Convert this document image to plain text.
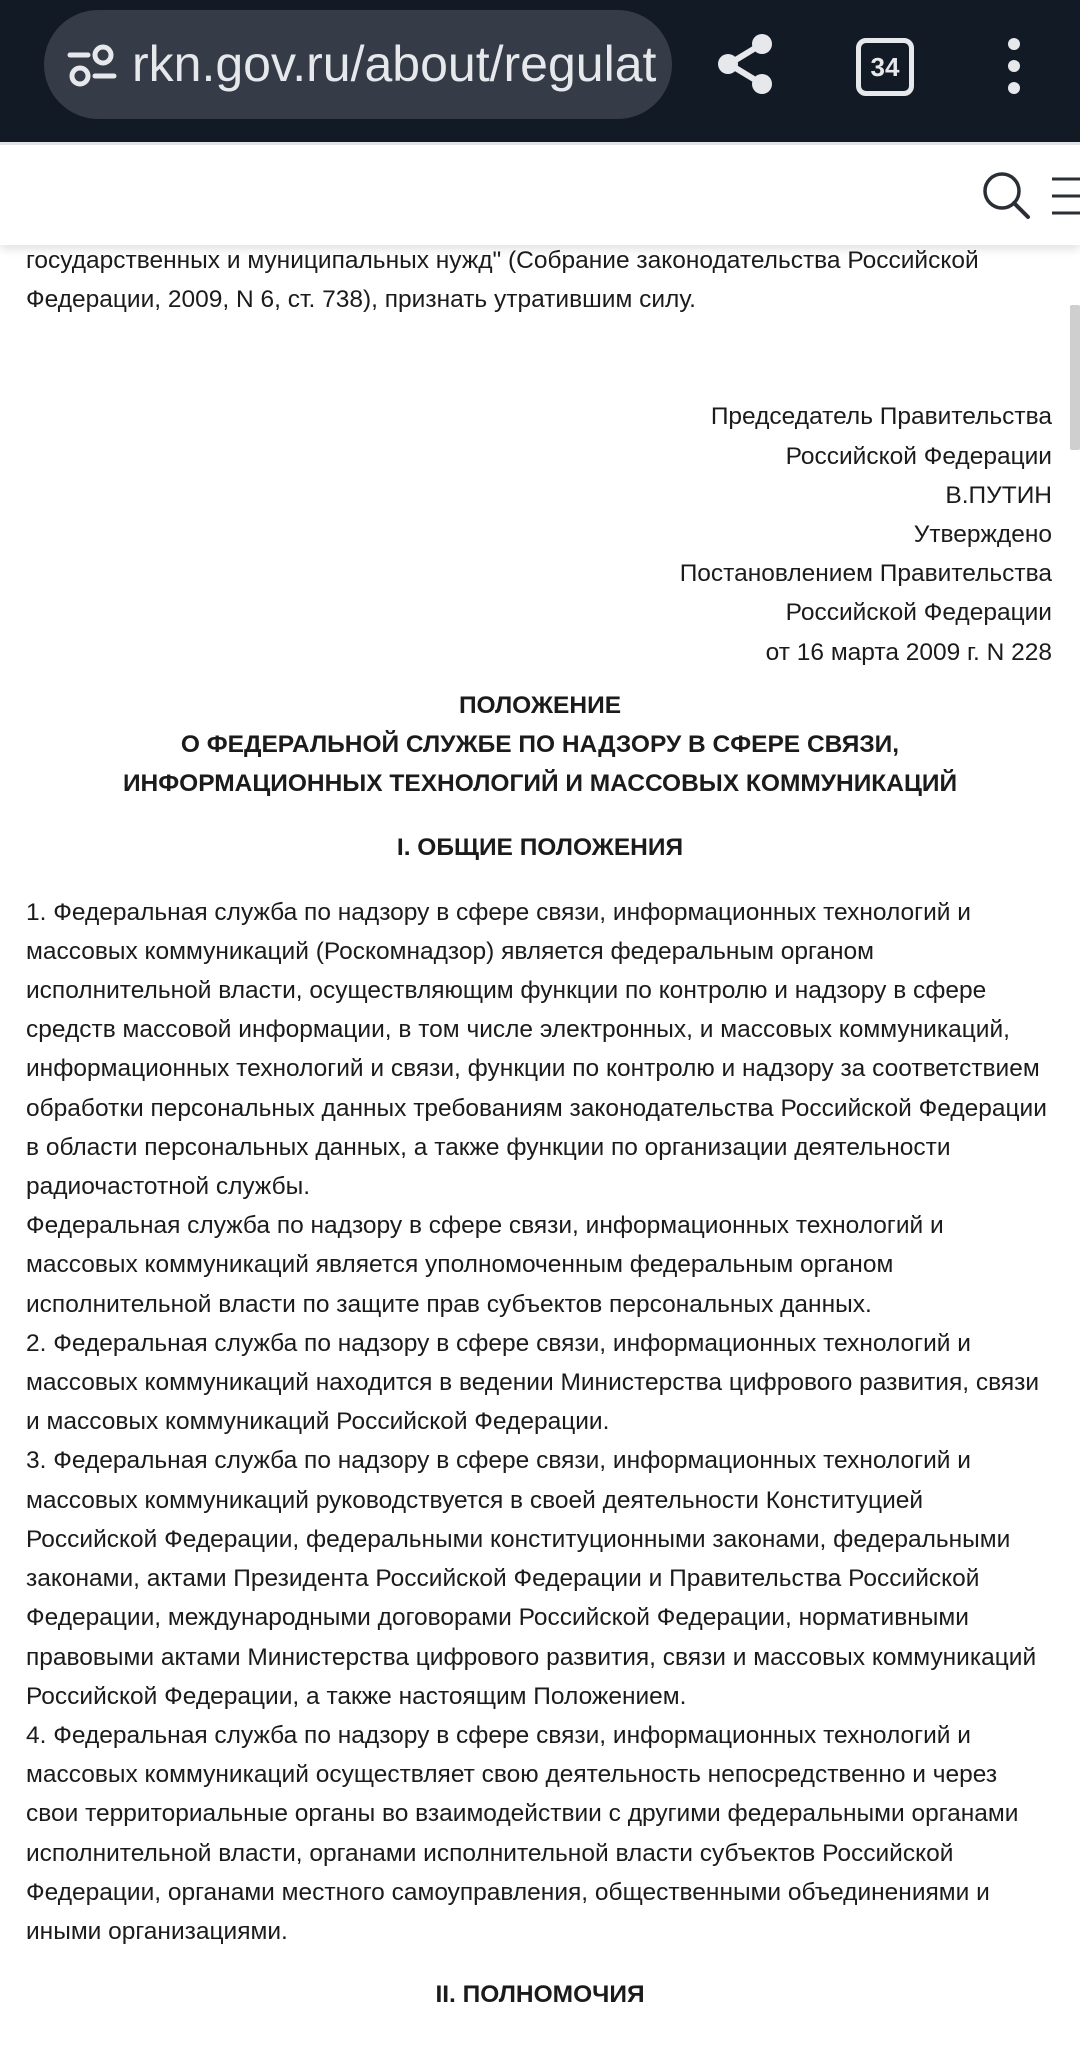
rkn.gov.ru/about/regulat	34

государственных и муниципальных нужд" (Собрание законодательства Российской Федерации, 2009, N 6, ст. 738), признать утратившим силу.

Председатель Правительства
Российской Федерации
В.ПУТИН
Утверждено
Постановлением Правительства
Российской Федерации
от 16 марта 2009 г. N 228
ПОЛОЖЕНИЕ
О ФЕДЕРАЛЬНОЙ СЛУЖБЕ ПО НАДЗОРУ В СФЕРЕ СВЯЗИ,
ИНФОРМАЦИОННЫХ ТЕХНОЛОГИЙ И МАССОВЫХ КОММУНИКАЦИЙ
I. ОБЩИЕ ПОЛОЖЕНИЯ

1. Федеральная служба по надзору в сфере связи, информационных технологий и массовых коммуникаций (Роскомнадзор) является федеральным органом исполнительной власти, осуществляющим функции по контролю и надзору в сфере средств массовой информации, в том числе электронных, и массовых коммуникаций, информационных технологий и связи, функции по контролю и надзору за соответствием обработки персональных данных требованиям законодательства Российской Федерации в области персональных данных, а также функции по организации деятельности радиочастотной службы.

Федеральная служба по надзору в сфере связи, информационных технологий и массовых коммуникаций является уполномоченным федеральным органом исполнительной власти по защите прав субъектов персональных данных.

2. Федеральная служба по надзору в сфере связи, информационных технологий и массовых коммуникаций находится в ведении Министерства цифрового развития, связи и массовых коммуникаций Российской Федерации.

3. Федеральная служба по надзору в сфере связи, информационных технологий и массовых коммуникаций руководствуется в своей деятельности Конституцией Российской Федерации, федеральными конституционными законами, федеральными законами, актами Президента Российской Федерации и Правительства Российской Федерации, международными договорами Российской Федерации, нормативными правовыми актами Министерства цифрового развития, связи и массовых коммуникаций Российской Федерации, а также настоящим Положением.

4. Федеральная служба по надзору в сфере связи, информационных технологий и массовых коммуникаций осуществляет свою деятельность непосредственно и через свои территориальные органы во взаимодействии с другими федеральными органами исполнительной власти, органами исполнительной власти субъектов Российской Федерации, органами местного самоуправления, общественными объединениями и иными организациями.

II. ПОЛНОМОЧИЯ
